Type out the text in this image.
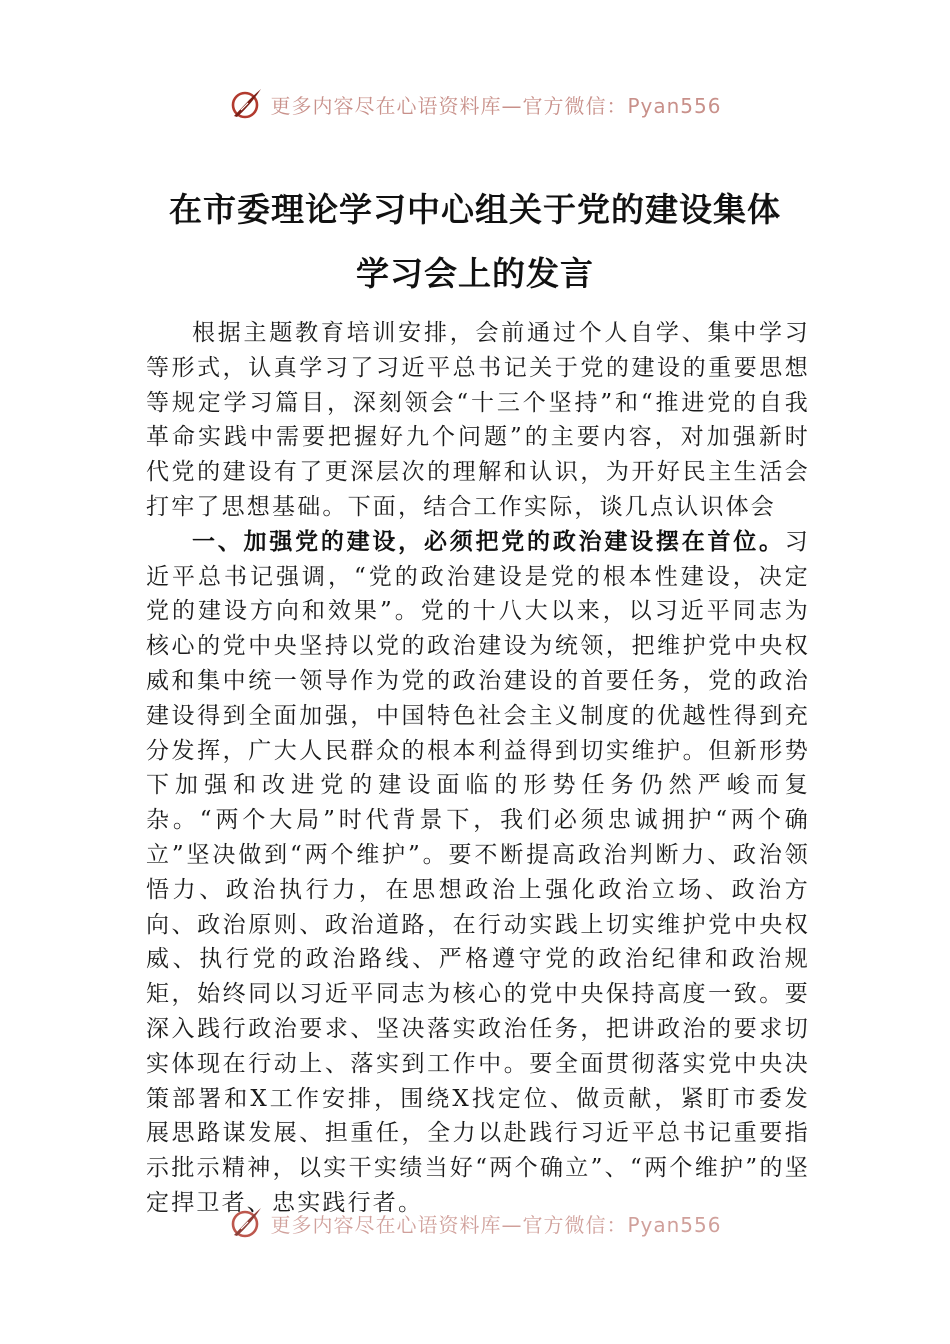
更多内容尽在心语资料库—官方微信：Pyan556
在市委理论学习中心组关于党的建设集体
学习会上的发言

根据主题教育培训安排，会前通过个人自学、集中学习等形式，认真学习了习近平总书记关于党的建设的重要思想等规定学习篇目，深刻领会“十三个坚持”和“推进党的自我革命实践中需要把握好九个问题”的主要内容，对加强新时代党的建设有了更深层次的理解和认识，为开好民主生活会打牢了思想基础。下面，结合工作实际，谈几点认识体会

一、加强党的建设，必须把党的政治建设摆在首位。习近平总书记强调，“党的政治建设是党的根本性建设，决定党的建设方向和效果”。党的十八大以来，以习近平同志为核心的党中央坚持以党的政治建设为统领，把维护党中央权威和集中统一领导作为党的政治建设的首要任务，党的政治建设得到全面加强，中国特色社会主义制度的优越性得到充分发挥，广大人民群众的根本利益得到切实维护。但新形势下加强和改进党的建设面临的形势任务仍然严峻而复杂。“两个大局”时代背景下，我们必须忠诚拥护“两个确立”坚决做到“两个维护”。要不断提高政治判断力、政治领悟力、政治执行力，在思想政治上强化政治立场、政治方向、政治原则、政治道路，在行动实践上切实维护党中央权威、执行党的政治路线、严格遵守党的政治纪律和政治规矩，始终同以习近平同志为核心的党中央保持高度一致。要深入践行政治要求、坚决落实政治任务，把讲政治的要求切实体现在行动上、落实到工作中。要全面贯彻落实党中央决策部署和X工作安排，围绕X找定位、做贡献，紧盯市委发展思路谋发展、担重任，全力以赴践行习近平总书记重要指示批示精神，以实干实绩当好“两个确立”、“两个维护”的坚定捍卫者、忠实践行者。

更多内容尽在心语资料库—官方微信：Pyan556
